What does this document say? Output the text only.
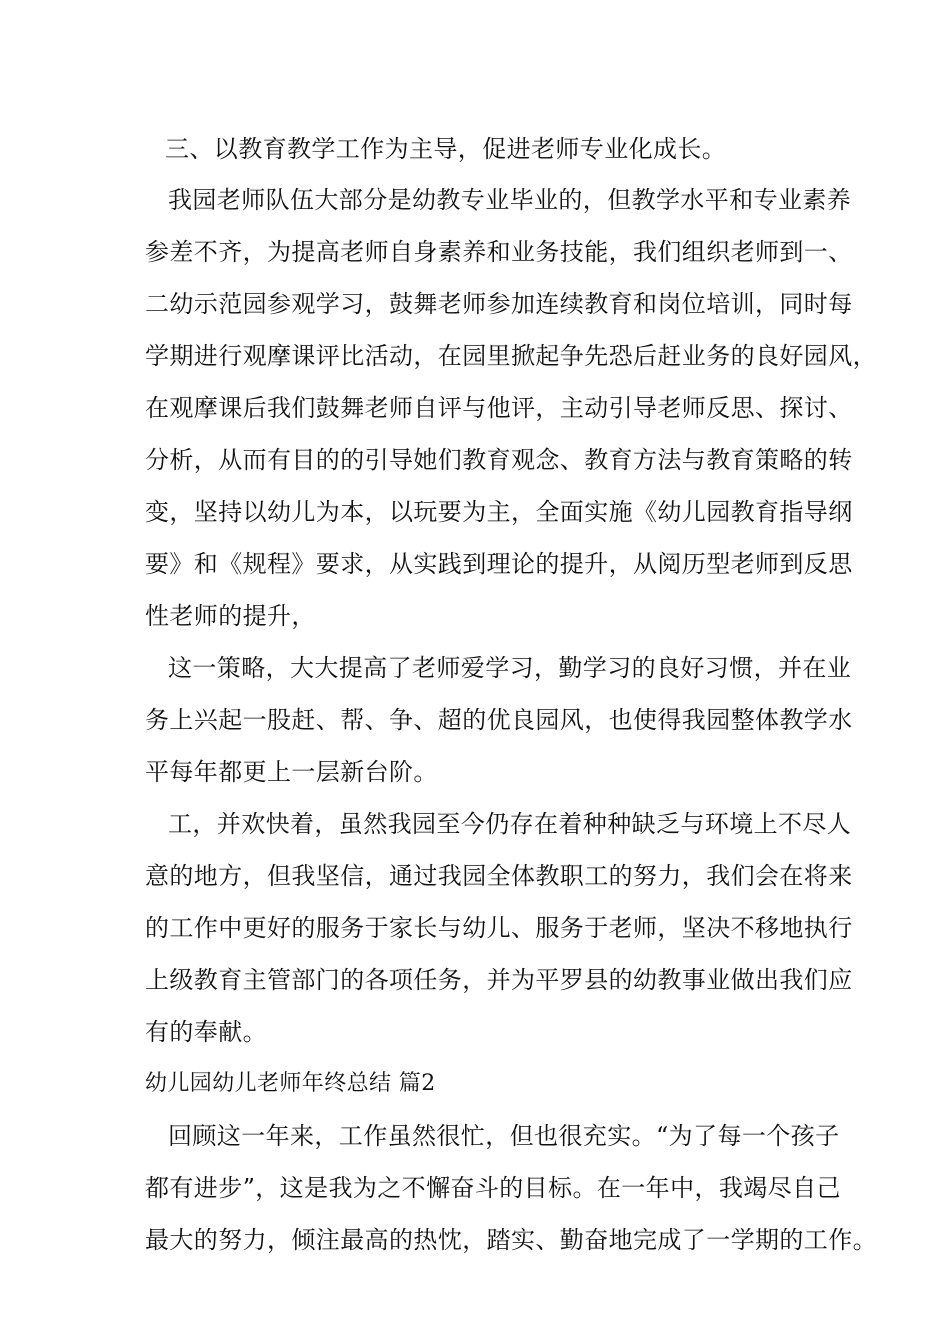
三、以教育教学工作为主导，促进老师专业化成长。
我园老师队伍大部分是幼教专业毕业的，但教学水平和专业素养
参差不齐，为提高老师自身素养和业务技能，我们组织老师到一、
二幼示范园参观学习，鼓舞老师参加连续教育和岗位培训，同时每
学期进行观摩课评比活动，在园里掀起争先恐后赶业务的良好园风，
在观摩课后我们鼓舞老师自评与他评，主动引导老师反思、探讨、
分析，从而有目的的引导她们教育观念、教育方法与教育策略的转
变，坚持以幼儿为本，以玩要为主，全面实施《幼儿园教育指导纲
要》和《规程》要求，从实践到理论的提升，从阅历型老师到反思
性老师的提升，
这一策略，大大提高了老师爱学习，勤学习的良好习惯，并在业
务上兴起一股赶、帮、争、超的优良园风，也使得我园整体教学水
平每年都更上一层新台阶。
工，并欢快着，虽然我园至今仍存在着种种缺乏与环境上不尽人
意的地方，但我坚信，通过我园全体教职工的努力，我们会在将来
的工作中更好的服务于家长与幼儿、服务于老师，坚决不移地执行
上级教育主管部门的各项任务，并为平罗县的幼教事业做出我们应
有的奉献。
幼儿园幼儿老师年终总结 篇2
回顾这一年来，工作虽然很忙，但也很充实。“为了每一个孩子
都有进步”，这是我为之不懈奋斗的目标。在一年中，我竭尽自己
最大的努力，倾注最高的热忱，踏实、勤奋地完成了一学期的工作。
